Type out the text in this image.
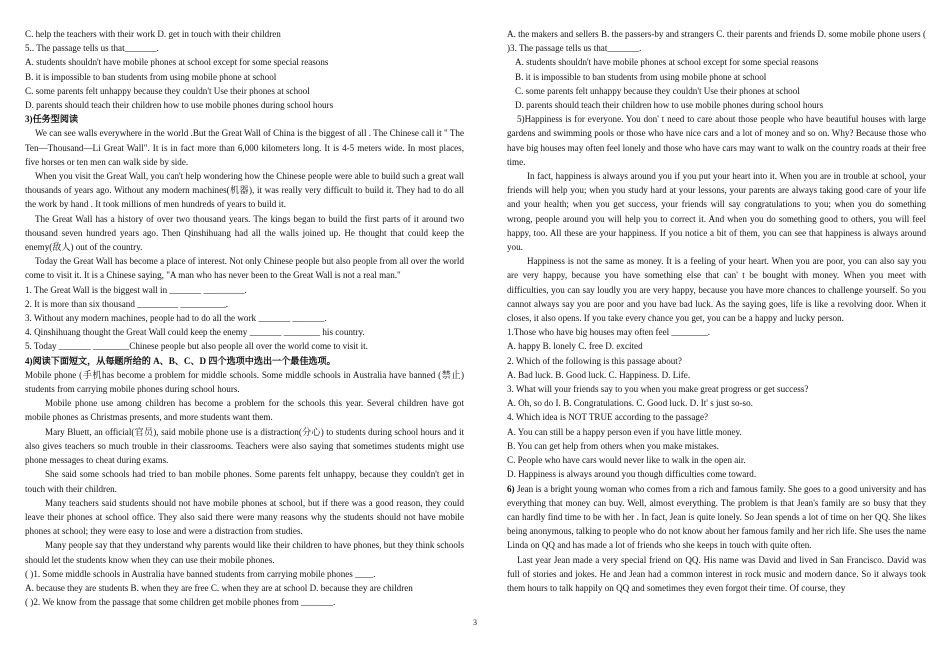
C. help the teachers with their work D. get in touch with their children

5.. The passage tells us that_______.

A. students shouldn't have mobile phones at school except for some special reasons

B. it is impossible to ban students from using mobile phone at school

C. some parents felt unhappy because they couldn't Use their phones at school

D. parents should teach their children how to use mobile phones during school hours

3)任务型阅读

We can see walls everywhere in the world .But the Great Wall of China is the biggest of all . The Chinese call it " The Ten—Thousand—Li Great Wall". It is in fact more than 6,000 kilometers long. It is 4-5 meters wide. In most places, five horses or ten men can walk side by side.

When you visit the Great Wall, you can't help wondering how the Chinese people were able to build such a great wall thousands of years ago. Without any modern machines(机器), it was really very difficult to build it. They had to do all the work by hand . It took millions of men hundreds of years to build it.

The Great Wall has a history of over two thousand years. The kings began to build the first parts of it around two thousand seven hundred years ago. Then Qinshihuang had all the walls joined up. He thought that could keep the enemy(敌人) out of the country.

Today the Great Wall has become a place of interest. Not only Chinese people but also people from all over the world come to visit it. It is a Chinese saying, "A man who has never been to the Great Wall is not a real man."

1. The Great Wall is the biggest wall in _______ _________.

2. It is more than six thousand _________ __________.

3. Without any modern machines, people had to do all the work _______ _______.

4. Qinshihuang thought the Great Wall could keep the enemy _______ ________ his country.

5. Today _______ ________Chinese people but also people all over the world come to visit it.

4)阅读下面短文，从每题所给的 A、B、C、D 四个选项中选出一个最佳选项。

Mobile phone (手机has become a problem for middle schools. Some middle schools in Australia have banned (禁止) students from carrying mobile phones during school hours.

Mobile phone use among children has become a problem for the schools this year. Several children have got mobile phones as Christmas presents, and more students want them.

Mary Bluett, an official(官员), said mobile phone use is a distraction(分心) to students during school hours and it also gives teachers so much trouble in their classrooms. Teachers were also saying that sometimes students might use phone messages to cheat during exams.

She said some schools had tried to ban mobile phones. Some parents felt unhappy, because they couldn't get in touch with their children.

Many teachers said students should not have mobile phones at school, but if there was a good reason, they could leave their phones at school office. They also said there were many reasons why the students should not have mobile phones at school; they were easy to lose and were a distraction from studies.

Many people say that they understand why parents would like their children to have phones, but they think schools should let the students know when they can use their mobile phones.

( )1. Some middle schools in Australia have banned students from carrying mobile phones ____.

A. because they are students B. when they are free C. when they are at school D. because they are children

( )2. We know from the passage that some children get mobile phones from _______.

A. the makers and sellers B. the passers-by and strangers C. their parents and friends D. some mobile phone users ( )3. The passage tells us that_______.

A. students shouldn't have mobile phones at school except for some special reasons

B. it is impossible to ban students from using mobile phone at school

C. some parents felt unhappy because they couldn't Use their phones at school

D. parents should teach their children how to use mobile phones during school hours

5)Happiness is for everyone. You don' t need to care about those people who have beautiful houses with large gardens and swimming pools or those who have nice cars and a lot of money and so on. Why? Because those who have big houses may often feel lonely and those who have cars may want to walk on the country roads at their free time.

In fact, happiness is always around you if you put your heart into it. When you are in trouble at school, your friends will help you; when you study hard at your lessons, your parents are always taking good care of your life and your health; when you get success, your friends will say congratulations to you; when you do something wrong, people around you will help you to correct it. And when you do something good to others, you will feel happy, too. All these are your happiness. If you notice a bit of them, you can see that happiness is always around you.

Happiness is not the same as money. It is a feeling of your heart. When you are poor, you can also say you are very happy, because you have something else that can' t be bought with money. When you meet with difficulties, you can say loudly you are very happy, because you have more chances to challenge yourself. So you cannot always say you are poor and you have bad luck. As the saying goes, life is like a revolving door. When it closes, it also opens. If you take every chance you get, you can be a happy and lucky person.

1.Those who have big houses may often feel ________.

A. happy B. lonely C. free D. excited

2. Which of the following is this passage about?

A. Bad luck. B. Good luck. C. Happiness. D. Life.

3. What will your friends say to you when you make great progress or get success?

A. Oh, so do I. B. Congratulations. C. Good luck. D. It' s just so-so.

4. Which idea is NOT TRUE according to the passage?

A. You can still be a happy person even if you have little money.

B. You can get help from others when you make mistakes.

C. People who have cars would never like to walk in the open air.

D. Happiness is always around you though difficulties come toward.

6) Jean is a bright young woman who comes from a rich and famous family. She goes to a good university and has everything that money can buy. Well, almost everything. The problem is that Jean's family are so busy that they can hardly find time to be with her . In fact, Jean is quite lonely. So Jean spends a lot of time on her QQ. She likes being anonymous, talking to people who do not know about her famous family and her rich life. She uses the name Linda on QQ and has made a lot of friends who she keeps in touch with quite often.

Last year Jean made a very special friend on QQ. His name was David and lived in San Francisco. David was full of stories and jokes. He and Jean had a common interest in rock music and modern dance. So it always took them hours to talk happily on QQ and sometimes they even forgot their time. Of course, they

3
